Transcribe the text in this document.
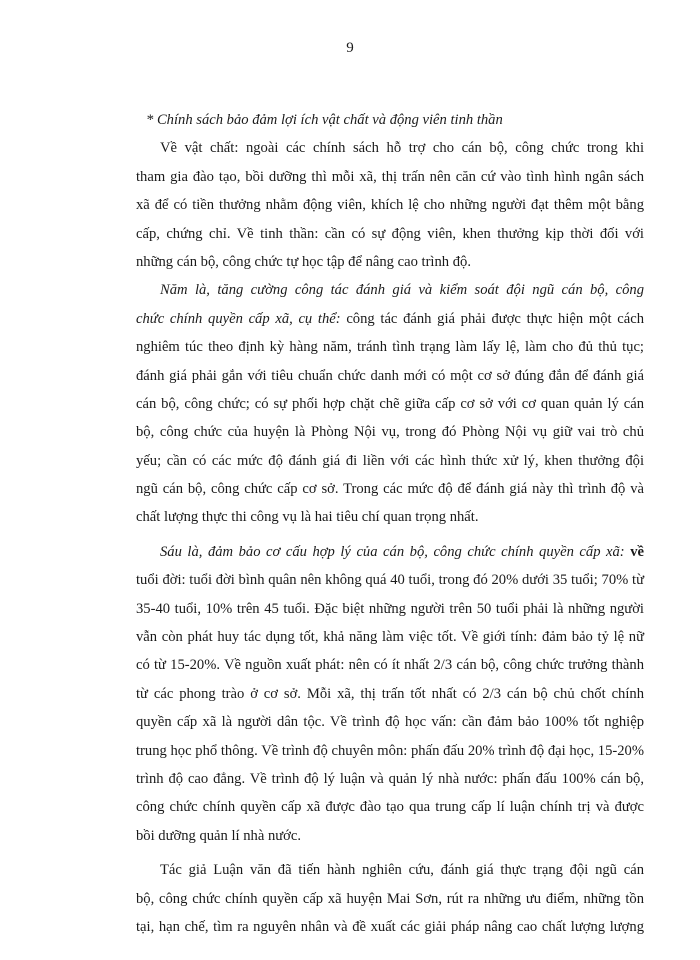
9
* Chính sách bảo đảm lợi ích vật chất và động viên tinh thần
Về vật chất: ngoài các chính sách hỗ trợ cho cán bộ, công chức trong khi
tham gia đào tạo, bồi dưỡng thì mỗi xã, thị trấn nên căn cứ vào tình hình ngân sách
xã để có tiền thưởng nhằm động viên, khích lệ cho những người đạt thêm một bằng
cấp, chứng chỉ. Về tinh thần: cần có sự động viên, khen thưởng kịp thời đối với
những cán bộ, công chức tự học tập để nâng cao trình độ.
Năm là, tăng cường công tác đánh giá và kiểm soát đội ngũ cán bộ, công
chức chính quyền cấp xã, cụ thể: công tác đánh giá phải được thực hiện một cách
nghiêm túc theo định kỳ hàng năm, tránh tình trạng làm lấy lệ, làm cho đủ thủ tục;
đánh giá phải gắn với tiêu chuẩn chức danh mới có một cơ sở đúng đắn để đánh giá
cán bộ, công chức; có sự phối hợp chặt chẽ giữa cấp cơ sở với cơ quan quản lý cán
bộ, công chức của huyện là Phòng Nội vụ, trong đó Phòng Nội vụ giữ vai trò chủ
yếu; cần có các mức độ đánh giá đi liền với các hình thức xử lý, khen thưởng đội
ngũ cán bộ, công chức cấp cơ sở. Trong các mức độ để đánh giá này thì trình độ và
chất lượng thực thi công vụ là hai tiêu chí quan trọng nhất.
Sáu là, đảm bảo cơ cấu hợp lý của cán bộ, công chức chính quyền cấp xã: về
tuổi đời: tuổi đời bình quân nên không quá 40 tuổi, trong đó 20% dưới 35 tuổi; 70% từ
35-40 tuổi, 10% trên 45 tuổi. Đặc biệt những người trên 50 tuổi phải là những người
vẫn còn phát huy tác dụng tốt, khả năng làm việc tốt. Về giới tính: đảm bảo tỷ lệ nữ
có từ 15-20%. Về nguồn xuất phát: nên có ít nhất 2/3 cán bộ, công chức trưởng thành
từ các phong trào ở cơ sở. Mỗi xã, thị trấn tốt nhất có 2/3 cán bộ chủ chốt chính
quyền cấp xã là người dân tộc. Về trình độ học vấn: cần đảm bảo 100% tốt nghiệp
trung học phổ thông. Về trình độ chuyên môn: phấn đấu 20% trình độ đại học, 15-20%
trình độ cao đẳng. Về trình độ lý luận và quản lý nhà nước: phấn đấu 100% cán bộ,
công chức chính quyền cấp xã được đào tạo qua trung cấp lí luận chính trị và được
bồi dưỡng quản lí nhà nước.
Tác giả Luận văn đã tiến hành nghiên cứu, đánh giá thực trạng đội ngũ cán
bộ, công chức chính quyền cấp xã huyện Mai Sơn, rút ra những ưu điểm, những tồn
tại, hạn chế, tìm ra nguyên nhân và đề xuất các giải pháp nâng cao chất lượng lượng
